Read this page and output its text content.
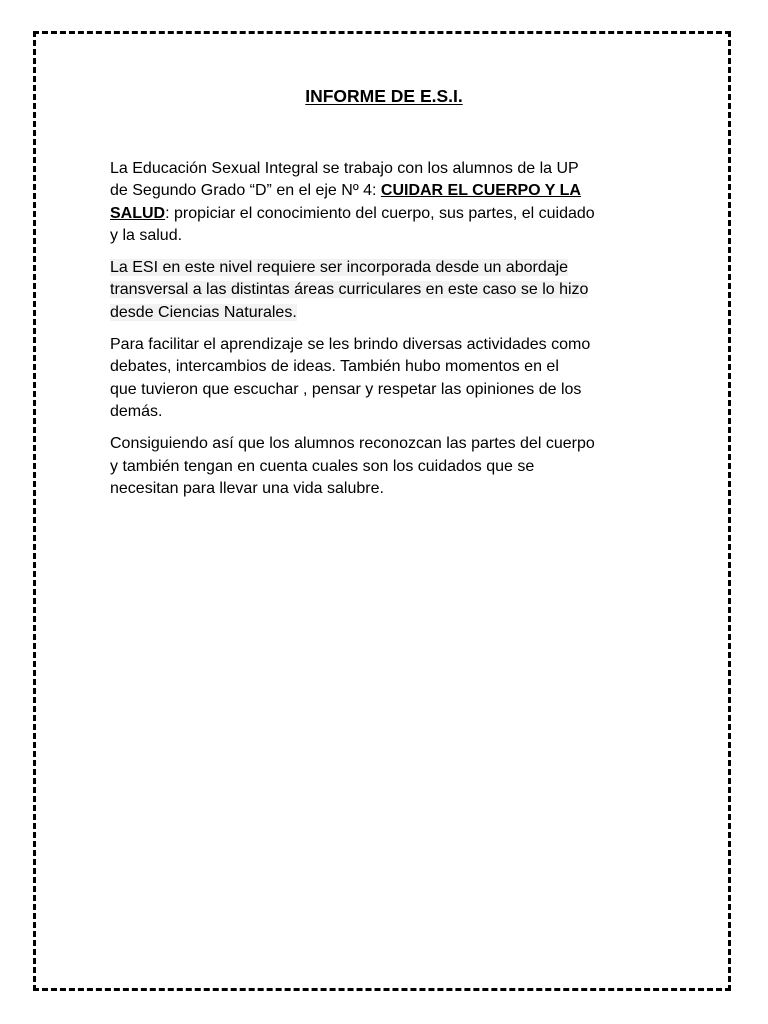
INFORME DE E.S.I.

La Educación Sexual Integral se trabajo con los alumnos de la UP
de Segundo Grado “D” en el eje Nº 4: CUIDAR EL CUERPO Y LA
SALUD: propiciar el conocimiento del cuerpo, sus partes, el cuidado
y la salud.

La ESI en este nivel requiere ser incorporada desde un abordaje
transversal a las distintas áreas curriculares en este caso se lo hizo
desde Ciencias Naturales.

Para facilitar el aprendizaje se les brindo diversas actividades como
debates, intercambios de ideas. También hubo momentos en el
que tuvieron que escuchar , pensar y respetar las opiniones de los
demás.

Consiguiendo así que los alumnos reconozcan las partes del cuerpo
y también tengan en cuenta cuales son los cuidados que se
necesitan para llevar una vida salubre.
